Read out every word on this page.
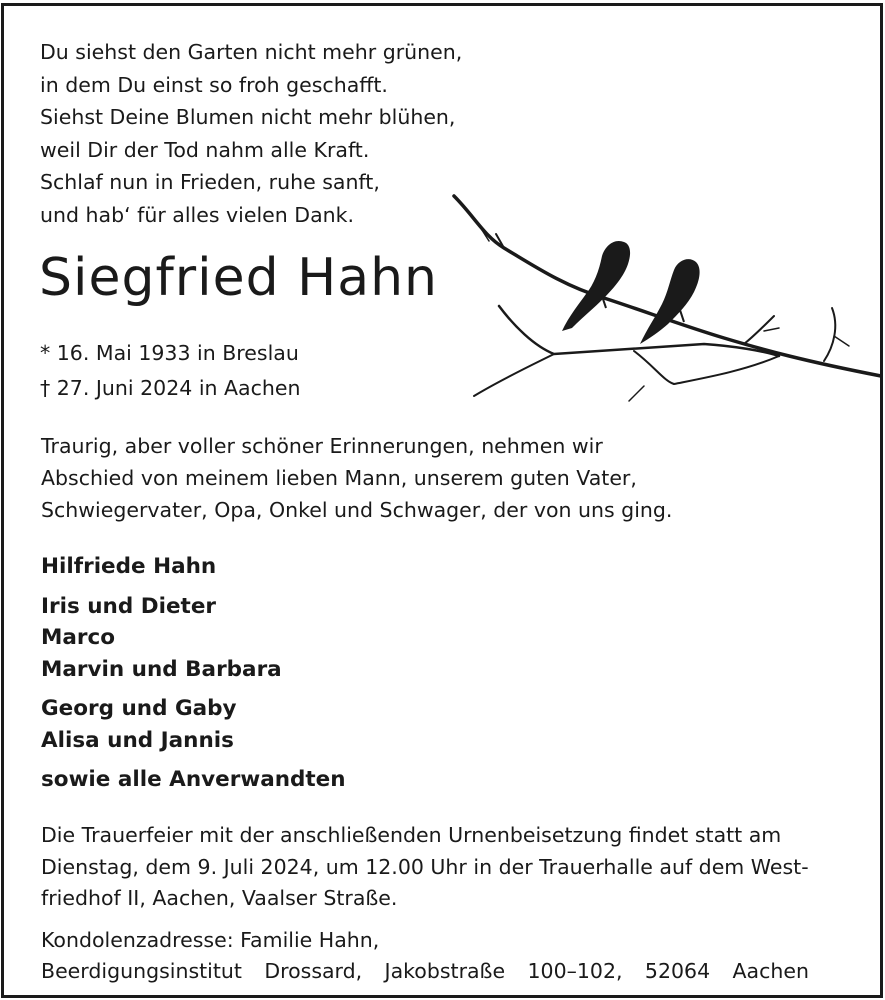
Du siehst den Garten nicht mehr grünen,
in dem Du einst so froh geschafft.
Siehst Deine Blumen nicht mehr blühen,
weil Dir der Tod nahm alle Kraft.
Schlaf nun in Frieden, ruhe sanft,
und hab‘ für alles vielen Dank.
Siegfried Hahn
* 16. Mai 1933 in Breslau
† 27. Juni 2024 in Aachen
Traurig, aber voller schöner Erinnerungen, nehmen wir
Abschied von meinem lieben Mann, unserem guten Vater,
Schwiegervater, Opa, Onkel und Schwager, der von uns ging.
Hilfriede Hahn
Iris und Dieter
Marco
Marvin und Barbara
Georg und Gaby
Alisa und Jannis
sowie alle Anverwandten
Die Trauerfeier mit der anschließenden Urnenbeisetzung findet statt am
Dienstag, dem 9. Juli 2024, um 12.00 Uhr in der Trauerhalle auf dem West-
friedhof II, Aachen, Vaalser Straße.
Kondolenzadresse: Familie Hahn,
Beerdigungsinstitut Drossard, Jakobstraße 100–102, 52064 Aachen
